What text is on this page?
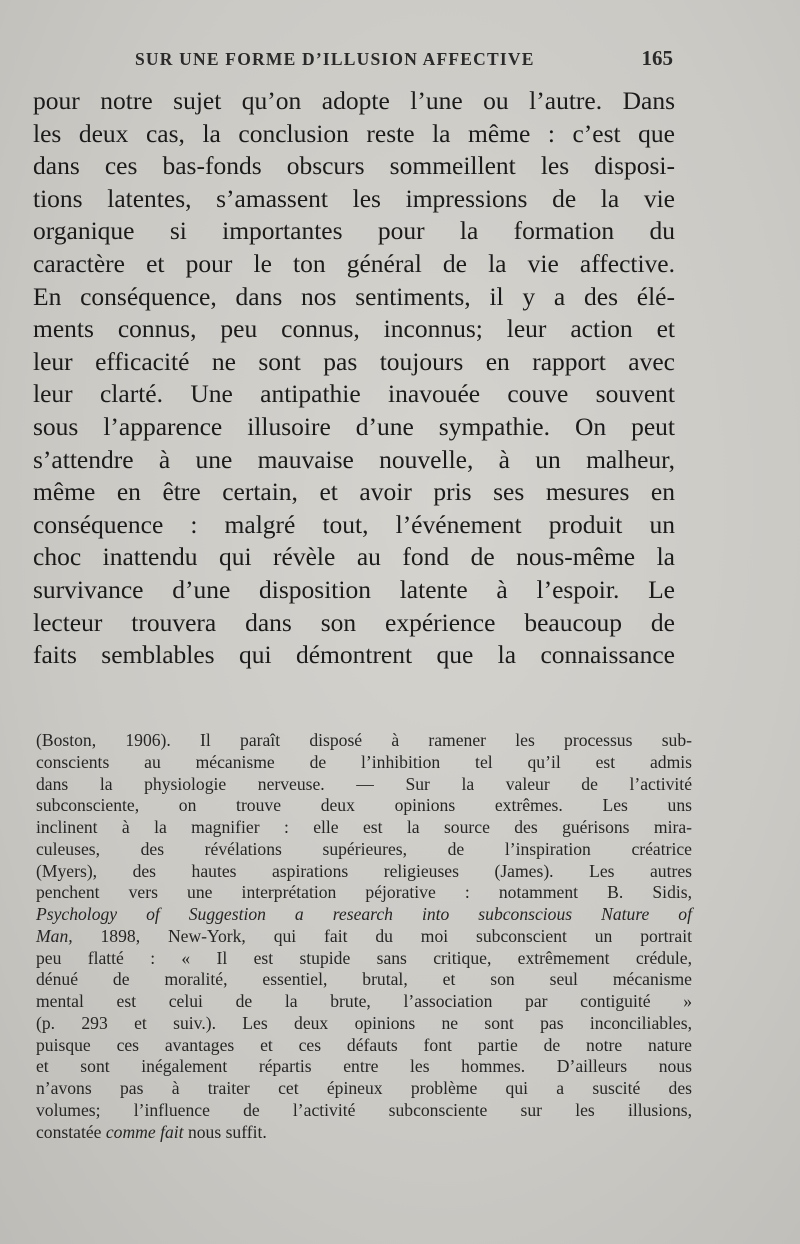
SUR UNE FORME D’ILLUSION AFFECTIVE	165
pour notre sujet qu’on adopte l’une ou l’autre. Dans
les deux cas, la conclusion reste la même : c’est que
dans ces bas-fonds obscurs sommeillent les disposi-
tions latentes, s’amassent les impressions de la vie
organique si importantes pour la formation du
caractère et pour le ton général de la vie affective.
En conséquence, dans nos sentiments, il y a des élé-
ments connus, peu connus, inconnus; leur action et
leur efficacité ne sont pas toujours en rapport avec
leur clarté. Une antipathie inavouée couve souvent
sous l’apparence illusoire d’une sympathie. On peut
s’attendre à une mauvaise nouvelle, à un malheur,
même en être certain, et avoir pris ses mesures en
conséquence : malgré tout, l’événement produit un
choc inattendu qui révèle au fond de nous-même la
survivance d’une disposition latente à l’espoir. Le
lecteur trouvera dans son expérience beaucoup de
faits semblables qui démontrent que la connaissance
(Boston, 1906). Il paraît disposé à ramener les processus sub-
conscients au mécanisme de l’inhibition tel qu’il est admis
dans la physiologie nerveuse. — Sur la valeur de l’activité
subconsciente, on trouve deux opinions extrêmes. Les uns
inclinent à la magnifier : elle est la source des guérisons mira-
culeuses, des révélations supérieures, de l’inspiration créatrice
(Myers), des hautes aspirations religieuses (James). Les autres
penchent vers une interprétation péjorative : notamment B. Sidis,
Psychology of Suggestion a research into subconscious Nature of
Man, 1898, New-York, qui fait du moi subconscient un portrait
peu flatté : « Il est stupide sans critique, extrêmement crédule,
dénué de moralité, essentiel, brutal, et son seul mécanisme
mental est celui de la brute, l’association par contiguité »
(p. 293 et suiv.). Les deux opinions ne sont pas inconciliables,
puisque ces avantages et ces défauts font partie de notre nature
et sont inégalement répartis entre les hommes. D’ailleurs nous
n’avons pas à traiter cet épineux problème qui a suscité des
volumes; l’influence de l’activité subconsciente sur les illusions,
constatée comme fait nous suffit.
